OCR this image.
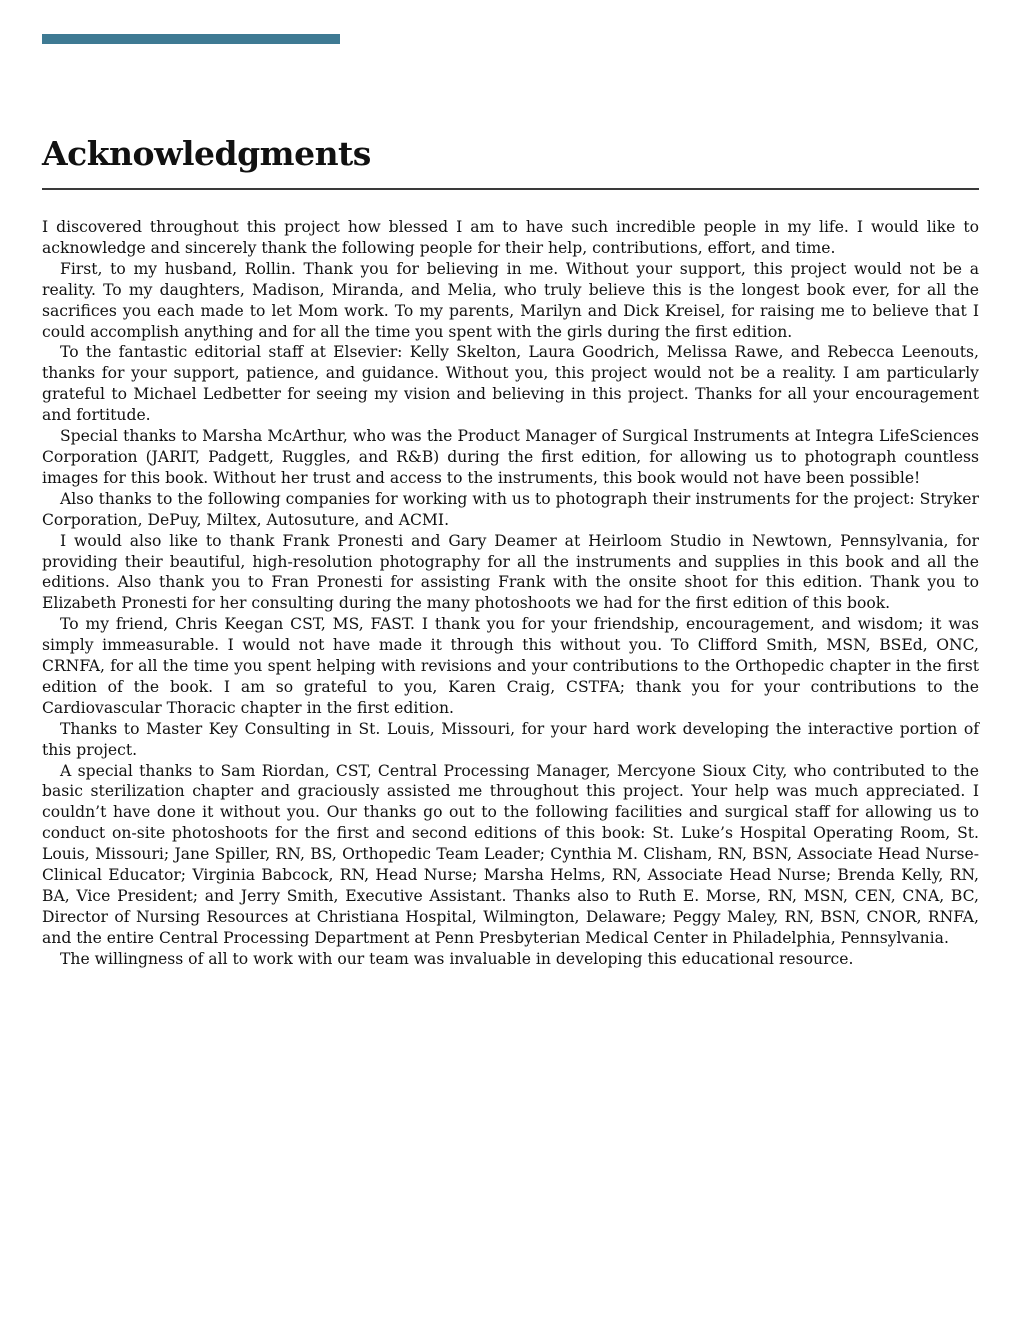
Acknowledgments

I discovered throughout this project how blessed I am to have such incredible people in my life. I would like to acknowledge and sincerely thank the following people for their help, contributions, effort, and time.

First, to my husband, Rollin. Thank you for believing in me. Without your support, this project would not be a reality. To my daughters, Madison, Miranda, and Melia, who truly believe this is the longest book ever, for all the sacrifices you each made to let Mom work. To my parents, Marilyn and Dick Kreisel, for raising me to believe that I could accomplish anything and for all the time you spent with the girls during the first edition.

To the fantastic editorial staff at Elsevier: Kelly Skelton, Laura Goodrich, Melissa Rawe, and Rebecca Leenouts, thanks for your support, patience, and guidance. Without you, this project would not be a reality. I am particularly grateful to Michael Ledbetter for seeing my vision and believing in this project. Thanks for all your encouragement and fortitude.

Special thanks to Marsha McArthur, who was the Product Manager of Surgical Instruments at Integra LifeSciences Corporation (JARIT, Padgett, Ruggles, and R&B) during the first edition, for allowing us to photograph countless images for this book. Without her trust and access to the instruments, this book would not have been possible!

Also thanks to the following companies for working with us to photograph their instruments for the project: Stryker Corporation, DePuy, Miltex, Autosuture, and ACMI.

I would also like to thank Frank Pronesti and Gary Deamer at Heirloom Studio in Newtown, Pennsylvania, for providing their beautiful, high-resolution photography for all the instruments and supplies in this book and all the editions. Also thank you to Fran Pronesti for assisting Frank with the onsite shoot for this edition. Thank you to Elizabeth Pronesti for her consulting during the many photoshoots we had for the first edition of this book.

To my friend, Chris Keegan CST, MS, FAST. I thank you for your friendship, encouragement, and wisdom; it was simply immeasurable. I would not have made it through this without you. To Clifford Smith, MSN, BSEd, ONC, CRNFA, for all the time you spent helping with revisions and your contributions to the Orthopedic chapter in the first edition of the book. I am so grateful to you, Karen Craig, CSTFA; thank you for your contributions to the Cardiovascular Thoracic chapter in the first edition.

Thanks to Master Key Consulting in St. Louis, Missouri, for your hard work developing the interactive portion of this project.

A special thanks to Sam Riordan, CST, Central Processing Manager, Mercyone Sioux City, who contributed to the basic sterilization chapter and graciously assisted me throughout this project. Your help was much appreciated. I couldn’t have done it without you. Our thanks go out to the following facilities and surgical staff for allowing us to conduct on-site photoshoots for the first and second editions of this book: St. Luke’s Hospital Operating Room, St. Louis, Missouri; Jane Spiller, RN, BS, Orthopedic Team Leader; Cynthia M. Clisham, RN, BSN, Associate Head Nurse-Clinical Educator; Virginia Babcock, RN, Head Nurse; Marsha Helms, RN, Associate Head Nurse; Brenda Kelly, RN, BA, Vice President; and Jerry Smith, Executive Assistant. Thanks also to Ruth E. Morse, RN, MSN, CEN, CNA, BC, Director of Nursing Resources at Christiana Hospital, Wilmington, Delaware; Peggy Maley, RN, BSN, CNOR, RNFA, and the entire Central Processing Department at Penn Presbyterian Medical Center in Philadelphia, Pennsylvania.

The willingness of all to work with our team was invaluable in developing this educational resource.
